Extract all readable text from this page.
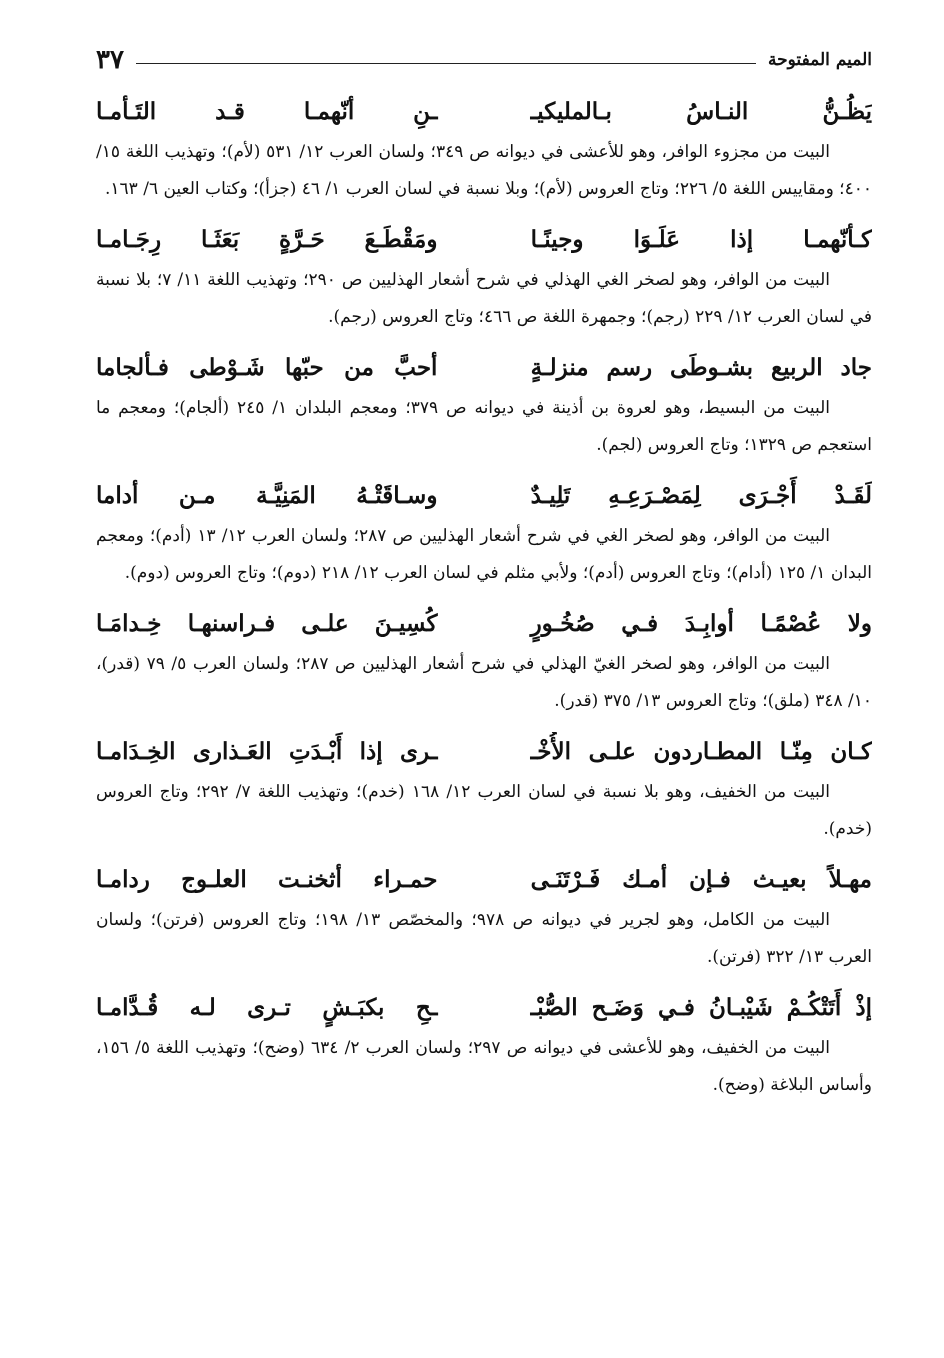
الميم المفتوحة
٣٧
يَظُـنُّ النـاسُ بـالمليكيـ
ـنِ أنّهمـا قـد التَـأمـا

البيت من مجزوء الوافر، وهو للأعشى في ديوانه ص ٣٤٩؛ ولسان العرب ١٢/ ٥٣١ (لأم)؛ وتهذيب اللغة ١٥/ ٤٠٠؛ ومقاييس اللغة ٥/ ٢٢٦؛ وتاج العروس (لأم)؛ وبلا نسبة في لسان العرب ١/ ٤٦ (جزأ)؛ وكتاب العين ٦/ ١٦٣.

كـأنّهمـا إذا عَلَـوَا وجينًـا
ومَقْطَـعَ حَـرَّةٍ بَعَثَـا رِجَـامـا

البيت من الوافر، وهو لصخر الغي الهذلي في شرح أشعار الهذليين ص ٢٩٠؛ وتهذيب اللغة ١١/ ٧؛ بلا نسبة في لسان العرب ١٢/ ٢٢٩ (رجم)؛ وجمهرة اللغة ص ٤٦٦؛ وتاج العروس (رجم).

جاد الربيع بشـوطَى رسم منزلـةٍ
أحبَّ من حبّها شَـوْطى فـألجاما

البيت من البسيط، وهو لعروة بن أذينة في ديوانه ص ٣٧٩؛ ومعجم البلدان ١/ ٢٤٥ (ألجام)؛ ومعجم ما استعجم ص ١٣٢٩؛ وتاج العروس (لجم).

لَقَـدْ أَجْـرَى لِمَصْـرَعِـهِ تَلِيـدٌ
وسـاقَتْـهُ المَنِيَّـة مـن أداما

البيت من الوافر، وهو لصخر الغي في شرح أشعار الهذليين ص ٢٨٧؛ ولسان العرب ١٢/ ١٣ (أدم)؛ ومعجم البدان ١/ ١٢٥ (أدام)؛ وتاج العروس (أدم)؛ ولأبي مثلم في لسان العرب ١٢/ ٢١٨ (دوم)؛ وتاج العروس (دوم).

ولا عُصْمًـا أوابِـدَ فـي صُخُـورٍ
كُسِيـنَ علـى فـراسنهـا خِـدامَـا

البيت من الوافر، وهو لصخر الغيّ الهذلي في شرح أشعار الهذليين ص ٢٨٧؛ ولسان العرب ٥/ ٧٩ (قدر)، ١٠/ ٣٤٨ (ملق)؛ وتاج العروس ١٣/ ٣٧٥ (قدر).

كـان مِنّـا المطـاردون علـى الأُخْـ
ـرى إذا أَبْـدَتِ العَـذارى الخِـدَامـا

البيت من الخفيف، وهو بلا نسبة في لسان العرب ١٢/ ١٦٨ (خدم)؛ وتهذيب اللغة ٧/ ٢٩٢؛ وتاج العروس (خدم).

مهـلاً بعيـث فـإن أمـك فَـرْتَنَـى
حمـراء أثخنـت العلـوج ردامـا

البيت من الكامل، وهو لجرير في ديوانه ص ٩٧٨؛ والمخصّص ١٣/ ١٩٨؛ وتاج العروس (فرتن)؛ ولسان العرب ١٣/ ٣٢٢ (فرتن).

إذْ أَتَتْكُـمْ شَيْبـانُ فـي وَضَـح الصُّبْـ
ـحِ بكبَـشٍ تـرى لـه قُـدَّامـا

البيت من الخفيف، وهو للأعشى في ديوانه ص ٢٩٧؛ ولسان العرب ٢/ ٦٣٤ (وضح)؛ وتهذيب اللغة ٥/ ١٥٦، وأساس البلاغة (وضح).
